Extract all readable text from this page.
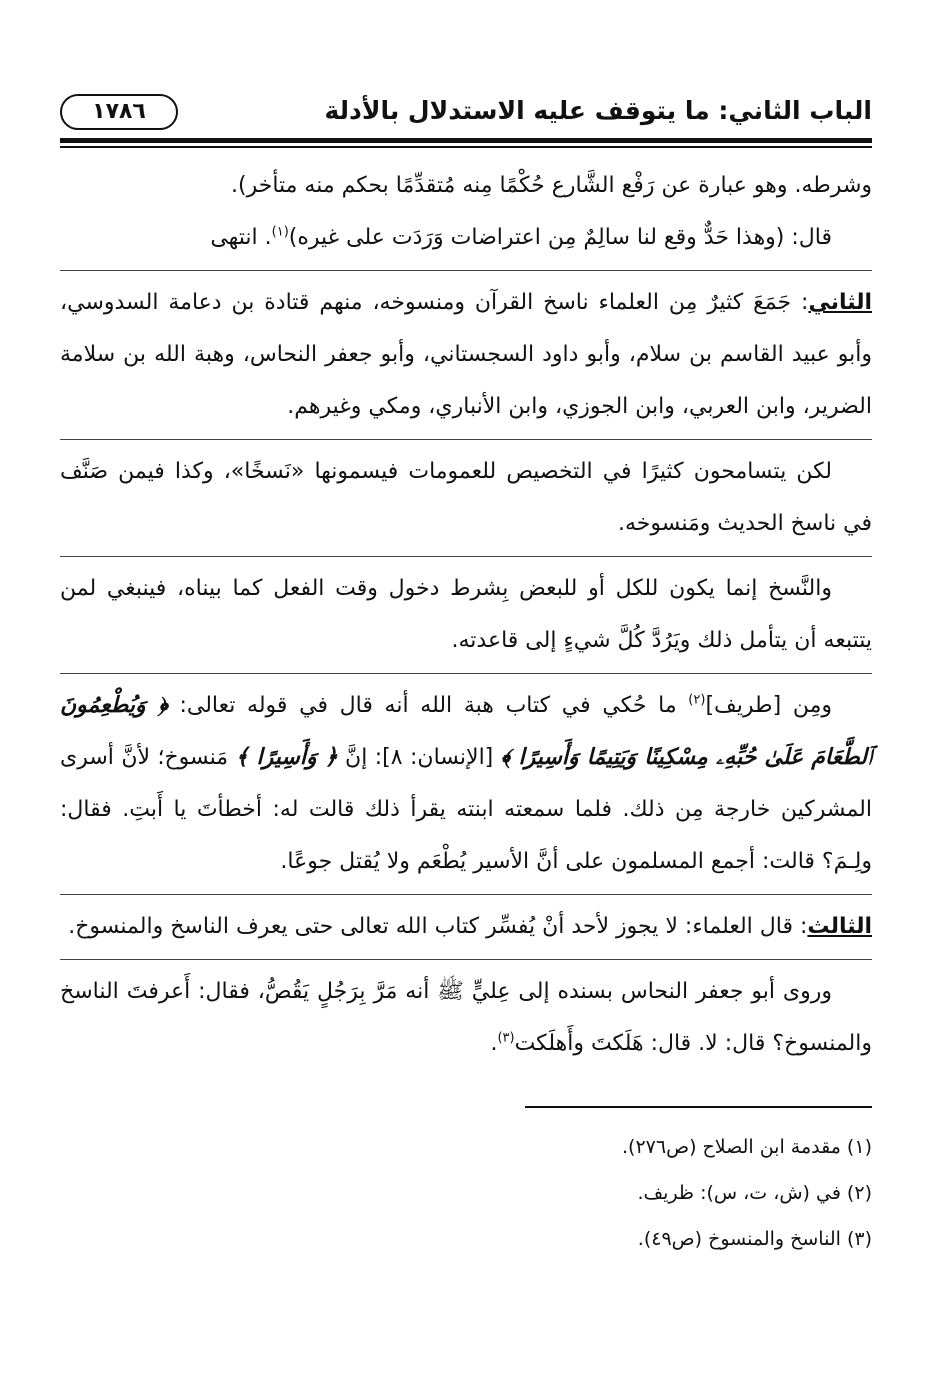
الباب الثاني: ما يتوقف عليه الاستدلال بالأدلة
١٧٨٦

وشرطه. وهو عبارة عن رَفْع الشَّارع حُكْمًا مِنه مُتقدِّمًا بحكم منه متأخر).

قال: (وهذا حَدٌّ وقع لنا سالِمٌ مِن اعتراضات وَرَدَت على غيره)$^{(١)}$. انتهى

الثاني: جَمَعَ كثيرٌ مِن العلماء ناسخ القرآن ومنسوخه، منهم قتادة بن دعامة السدوسي، وأبو عبيد القاسم بن سلام، وأبو داود السجستاني، وأبو جعفر النحاس، وهبة الله بن سلامة الضرير، وابن العربي، وابن الجوزي، وابن الأنباري، ومكي وغيرهم.

لكن يتسامحون كثيرًا في التخصيص للعمومات فيسمونها «نَسخًا»، وكذا فيمن صَنَّف في ناسخ الحديث ومَنسوخه.

والنَّسخ إنما يكون للكل أو للبعض بِشرط دخول وقت الفعل كما بيناه، فينبغي لمن يتتبعه أن يتأمل ذلك ويَرُدَّ كُلَّ شيءٍ إلى قاعدته.

ومِن [طريف]$^{(٢)}$ ما حُكي في كتاب هبة الله أنه قال في قوله تعالى: ﴿ وَيُطْعِمُونَ ٱلطَّعَامَ عَلَىٰ حُبِّهِۦ مِسْكِينًا وَيَتِيمًا وَأَسِيرًا ﴾ [الإنسان: ٨]: إنَّ ﴿ وَأَسِيرًا ﴾ مَنسوخ؛ لأنَّ أسرى المشركين خارجة مِن ذلك. فلما سمعته ابنته يقرأ ذلك قالت له: أخطأتَ يا أَبتِ. فقال: ولِـمَ؟ قالت: أجمع المسلمون على أنَّ الأسير يُطْعَم ولا يُقتل جوعًا.

الثالث: قال العلماء: لا يجوز لأحد أنْ يُفسِّر كتاب الله تعالى حتى يعرف الناسخ والمنسوخ.

وروى أبو جعفر النحاس بسنده إلى عِليٍّ ﷺ أنه مَرَّ بِرَجُلٍ يَقُصُّ، فقال: أَعرفتَ الناسخ والمنسوخ؟ قال: لا. قال: هَلَكتَ وأَهلَكت$^{(٣)}$.

(١) مقدمة ابن الصلاح (ص٢٧٦).
(٢) في (ش، ت، س): ظريف.
(٣) الناسخ والمنسوخ (ص٤٩).
